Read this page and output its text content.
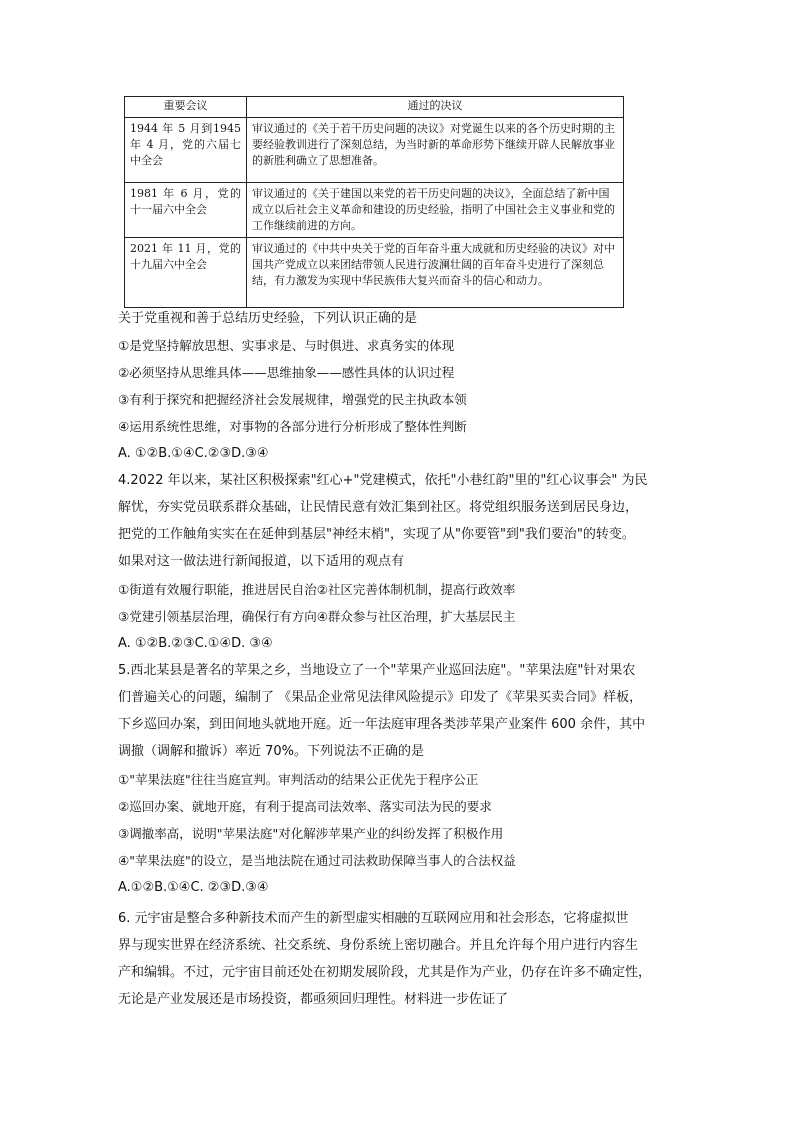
重要会议	通过的决议
1944 年 5 月到1945 年 4 月，党的六届七中全会	审议通过的《关于若干历史问题的决议》对党诞生以来的各个历史时期的主要经验教训进行了深刻总结，为当时新的革命形势下继续开辟人民解放事业的新胜利确立了思想准备。
1981 年 6 月，党的十一届六中全会	审议通过的《关于建国以来党的若干历史问题的决议》，全面总结了新中国成立以后社会主义革命和建设的历史经验，指明了中国社会主义事业和党的工作继续前进的方向。
2021 年 11 月，党的十九届六中全会	审议通过的《中共中央关于党的百年奋斗重大成就和历史经验的决议》对中国共产党成立以来团结带领人民进行波澜壮阔的百年奋斗史进行了深刻总结，有力激发为实现中华民族伟大复兴而奋斗的信心和动力。
关于党重视和善于总结历史经验，下列认识正确的是
①是党坚持解放思想、实事求是、与时俱进、求真务实的体现
②必须坚持从思维具体——思维抽象——感性具体的认识过程
③有利于探究和把握经济社会发展规律，增强党的民主执政本领
④运用系统性思维，对事物的各部分进行分析形成了整体性判断
A. ①②B.①④C.②③D.③④
4.2022 年以来，某社区积极探索"红心+"党建模式，依托"小巷红韵"里的"红心议事会" 为民
解忧，夯实党员联系群众基础，让民情民意有效汇集到社区。将党组织服务送到居民身边，
把党的工作触角实实在在延伸到基层"神经末梢"，实现了从"你要管"到"我们要治"的转变。
如果对这一做法进行新闻报道，以下适用的观点有
①街道有效履行职能，推进居民自治②社区完善体制机制，提高行政效率
③党建引领基层治理，确保行有方向④群众参与社区治理，扩大基层民主
A. ①②B.②③C.①④D. ③④
5.西北某县是著名的苹果之乡，当地设立了一个"苹果产业巡回法庭"。"苹果法庭"针对果农
们普遍关心的问题，编制了 《果品企业常见法律风险提示》印发了《苹果买卖合同》样板，
下乡巡回办案，到田间地头就地开庭。近一年法庭审理各类涉苹果产业案件 600 余件，其中
调撤（调解和撤诉）率近 70%。下列说法不正确的是
①"苹果法庭"往往当庭宣判。审判活动的结果公正优先于程序公正
②巡回办案、就地开庭，有利于提高司法效率、落实司法为民的要求
③调撤率高，说明"苹果法庭"对化解涉苹果产业的纠纷发挥了积极作用
④"苹果法庭"的设立，是当地法院在通过司法救助保障当事人的合法权益
A.①②B.①④C. ②③D.③④
6. 元宇宙是整合多种新技术而产生的新型虚实相融的互联网应用和社会形态，它将虚拟世
界与现实世界在经济系统、社交系统、身份系统上密切融合。并且允许每个用户进行内容生
产和编辑。不过，元宇宙目前还处在初期发展阶段，尤其是作为产业，仍存在许多不确定性，
无论是产业发展还是市场投资，都亟须回归理性。材料进一步佐证了
